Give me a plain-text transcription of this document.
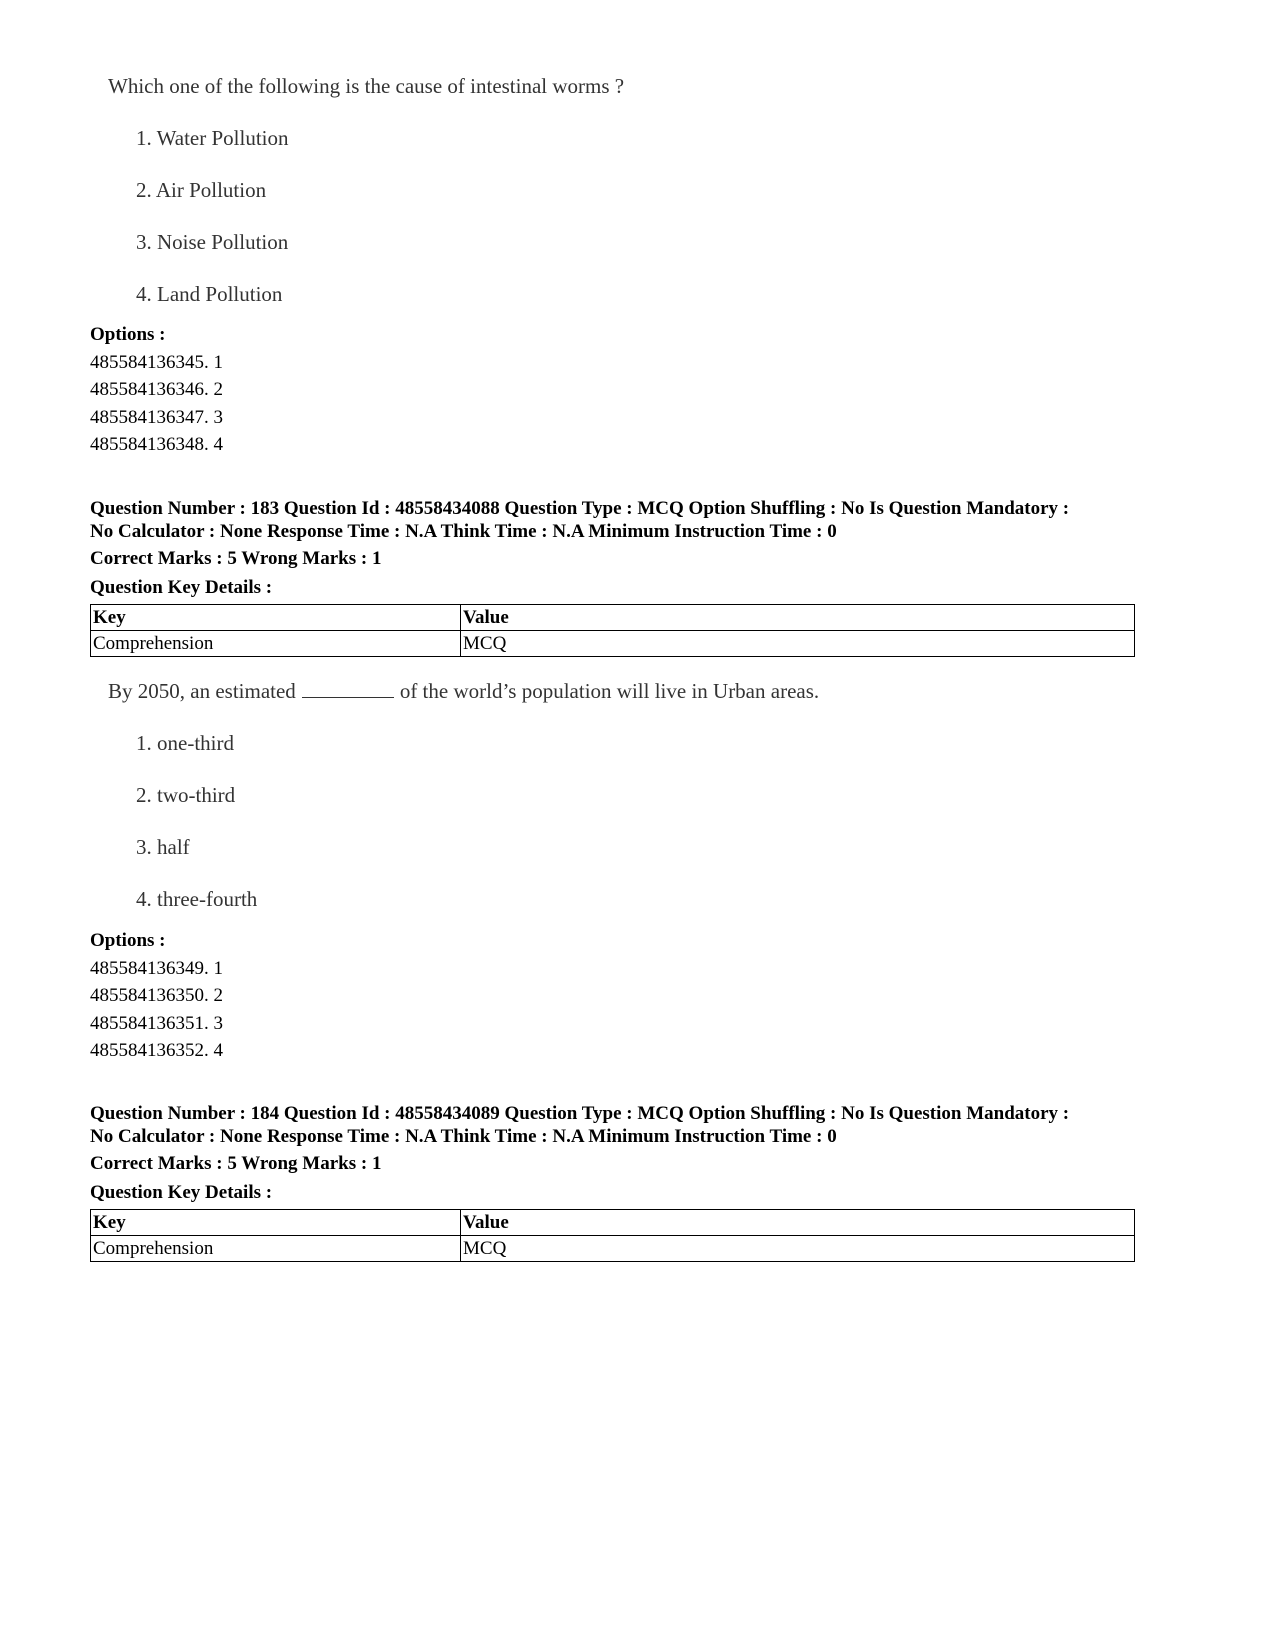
Which one of the following is the cause of intestinal worms ?

1. Water Pollution
2. Air Pollution
3. Noise Pollution
4. Land Pollution
Options :
485584136345. 1
485584136346. 2
485584136347. 3
485584136348. 4
Question Number : 183 Question Id : 48558434088 Question Type : MCQ Option Shuffling : No Is Question Mandatory :
No Calculator : None Response Time : N.A Think Time : N.A Minimum Instruction Time : 0
Correct Marks : 5 Wrong Marks : 1
Question Key Details :
Key	Value
Comprehension	MCQ

By 2050, an estimated	of the world’s population will live in Urban areas.

1. one-third
2. two-third
3. half
4. three-fourth
Options :
485584136349. 1
485584136350. 2
485584136351. 3
485584136352. 4
Question Number : 184 Question Id : 48558434089 Question Type : MCQ Option Shuffling : No Is Question Mandatory :
No Calculator : None Response Time : N.A Think Time : N.A Minimum Instruction Time : 0
Correct Marks : 5 Wrong Marks : 1
Question Key Details :
Key	Value
Comprehension	MCQ
